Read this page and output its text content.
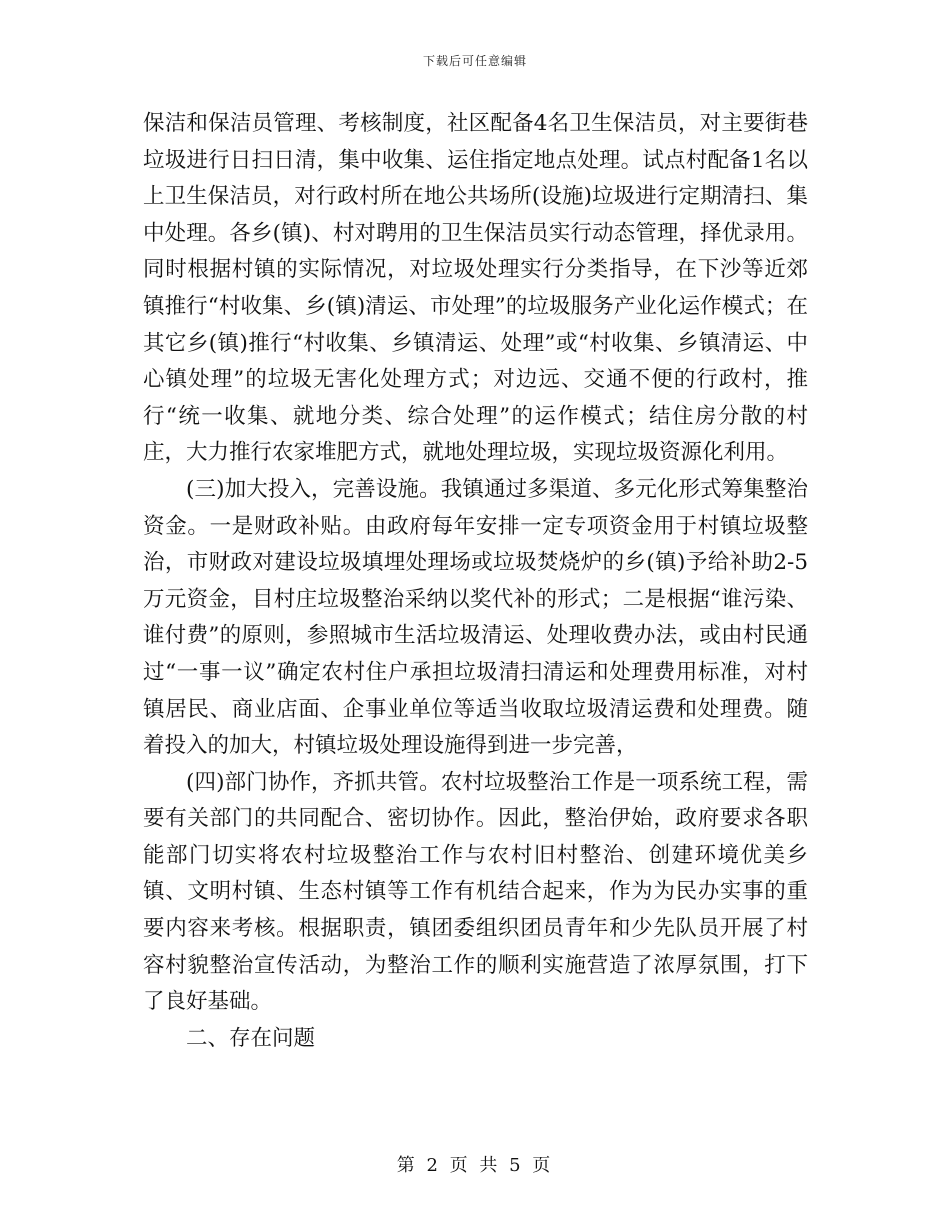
下载后可任意编辑

保洁和保洁员管理、考核制度，社区配备4名卫生保洁员，对主要街巷垃圾进行日扫日清，集中收集、运住指定地点处理。试点村配备1名以上卫生保洁员，对行政村所在地公共场所(设施)垃圾进行定期清扫、集中处理。各乡(镇)、村对聘用的卫生保洁员实行动态管理，择优录用。同时根据村镇的实际情况，对垃圾处理实行分类指导，在下沙等近郊镇推行“村收集、乡(镇)清运、市处理”的垃圾服务产业化运作模式；在其它乡(镇)推行“村收集、乡镇清运、处理”或“村收集、乡镇清运、中心镇处理”的垃圾无害化处理方式；对边远、交通不便的行政村，推行“统一收集、就地分类、综合处理”的运作模式；结住房分散的村庄，大力推行农家堆肥方式，就地处理垃圾，实现垃圾资源化利用。

(三)加大投入，完善设施。我镇通过多渠道、多元化形式筹集整治资金。一是财政补贴。由政府每年安排一定专项资金用于村镇垃圾整治，市财政对建设垃圾填埋处理场或垃圾焚烧炉的乡(镇)予给补助2-5万元资金，目村庄垃圾整治采纳以奖代补的形式；二是根据“谁污染、谁付费”的原则，参照城市生活垃圾清运、处理收费办法，或由村民通过“一事一议”确定农村住户承担垃圾清扫清运和处理费用标准，对村镇居民、商业店面、企事业单位等适当收取垃圾清运费和处理费。随着投入的加大，村镇垃圾处理设施得到进一步完善，

(四)部门协作，齐抓共管。农村垃圾整治工作是一项系统工程，需要有关部门的共同配合、密切协作。因此，整治伊始，政府要求各职能部门切实将农村垃圾整治工作与农村旧村整治、创建环境优美乡镇、文明村镇、生态村镇等工作有机结合起来，作为为民办实事的重要内容来考核。根据职责，镇团委组织团员青年和少先队员开展了村容村貌整治宣传活动，为整治工作的顺利实施营造了浓厚氛围，打下了良好基础。

二、存在问题

第 2 页 共 5 页
